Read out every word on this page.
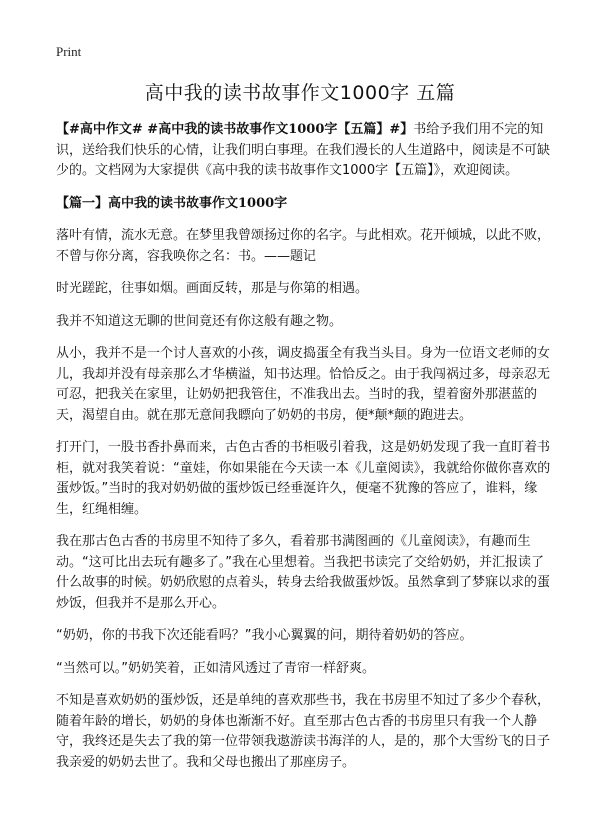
Print
高中我的读书故事作文1000字 五篇

【#高中作文# #高中我的读书故事作文1000字【五篇】#】书给予我们用不完的知识，送给我们快乐的心情，让我们明白事理。在我们漫长的人生道路中，阅读是不可缺少的。文档网为大家提供《高中我的读书故事作文1000字【五篇】》，欢迎阅读。

【篇一】高中我的读书故事作文1000字

落叶有情，流水无意。在梦里我曾颂扬过你的名字。与此相欢。花开倾城，以此不败，不曾与你分离，容我唤你之名：书。——题记

时光蹉跎，往事如烟。画面反转，那是与你第的相遇。

我并不知道这无聊的世间竟还有你这般有趣之物。

从小，我并不是一个讨人喜欢的小孩，调皮捣蛋全有我当头目。身为一位语文老师的女儿，我却并没有母亲那么才华横溢，知书达理。恰恰反之。由于我闯祸过多，母亲忍无可忍，把我关在家里，让奶奶把我管住，不准我出去。当时的我，望着窗外那湛蓝的天，渴望自由。就在那无意间我瞟向了奶奶的书房，便*颠*颠的跑进去。

打开门，一股书香扑鼻而来，古色古香的书柜吸引着我，这是奶奶发现了我一直盯着书柜，就对我笑着说：“童娃，你如果能在今天读一本《儿童阅读》，我就给你做你喜欢的蛋炒饭。”当时的我对奶奶做的蛋炒饭已经垂涎许久，便毫不犹豫的答应了，谁料，缘生，红绳相缠。

我在那古色古香的书房里不知待了多久，看着那书满图画的《儿童阅读》，有趣而生动。“这可比出去玩有趣多了。”我在心里想着。当我把书读完了交给奶奶，并汇报读了什么故事的时候。奶奶欣慰的点着头，转身去给我做蛋炒饭。虽然拿到了梦寐以求的蛋炒饭，但我并不是那么开心。

“奶奶，你的书我下次还能看吗？”我小心翼翼的问，期待着奶奶的答应。

“当然可以。”奶奶笑着，正如清风透过了青帘一样舒爽。

不知是喜欢奶奶的蛋炒饭，还是单纯的喜欢那些书，我在书房里不知过了多少个春秋，随着年龄的增长，奶奶的身体也渐渐不好。直至那古色古香的书房里只有我一个人静守，我终还是失去了我的第一位带领我遨游读书海洋的人，是的，那个大雪纷飞的日子我亲爱的奶奶去世了。我和父母也搬出了那座房子。
